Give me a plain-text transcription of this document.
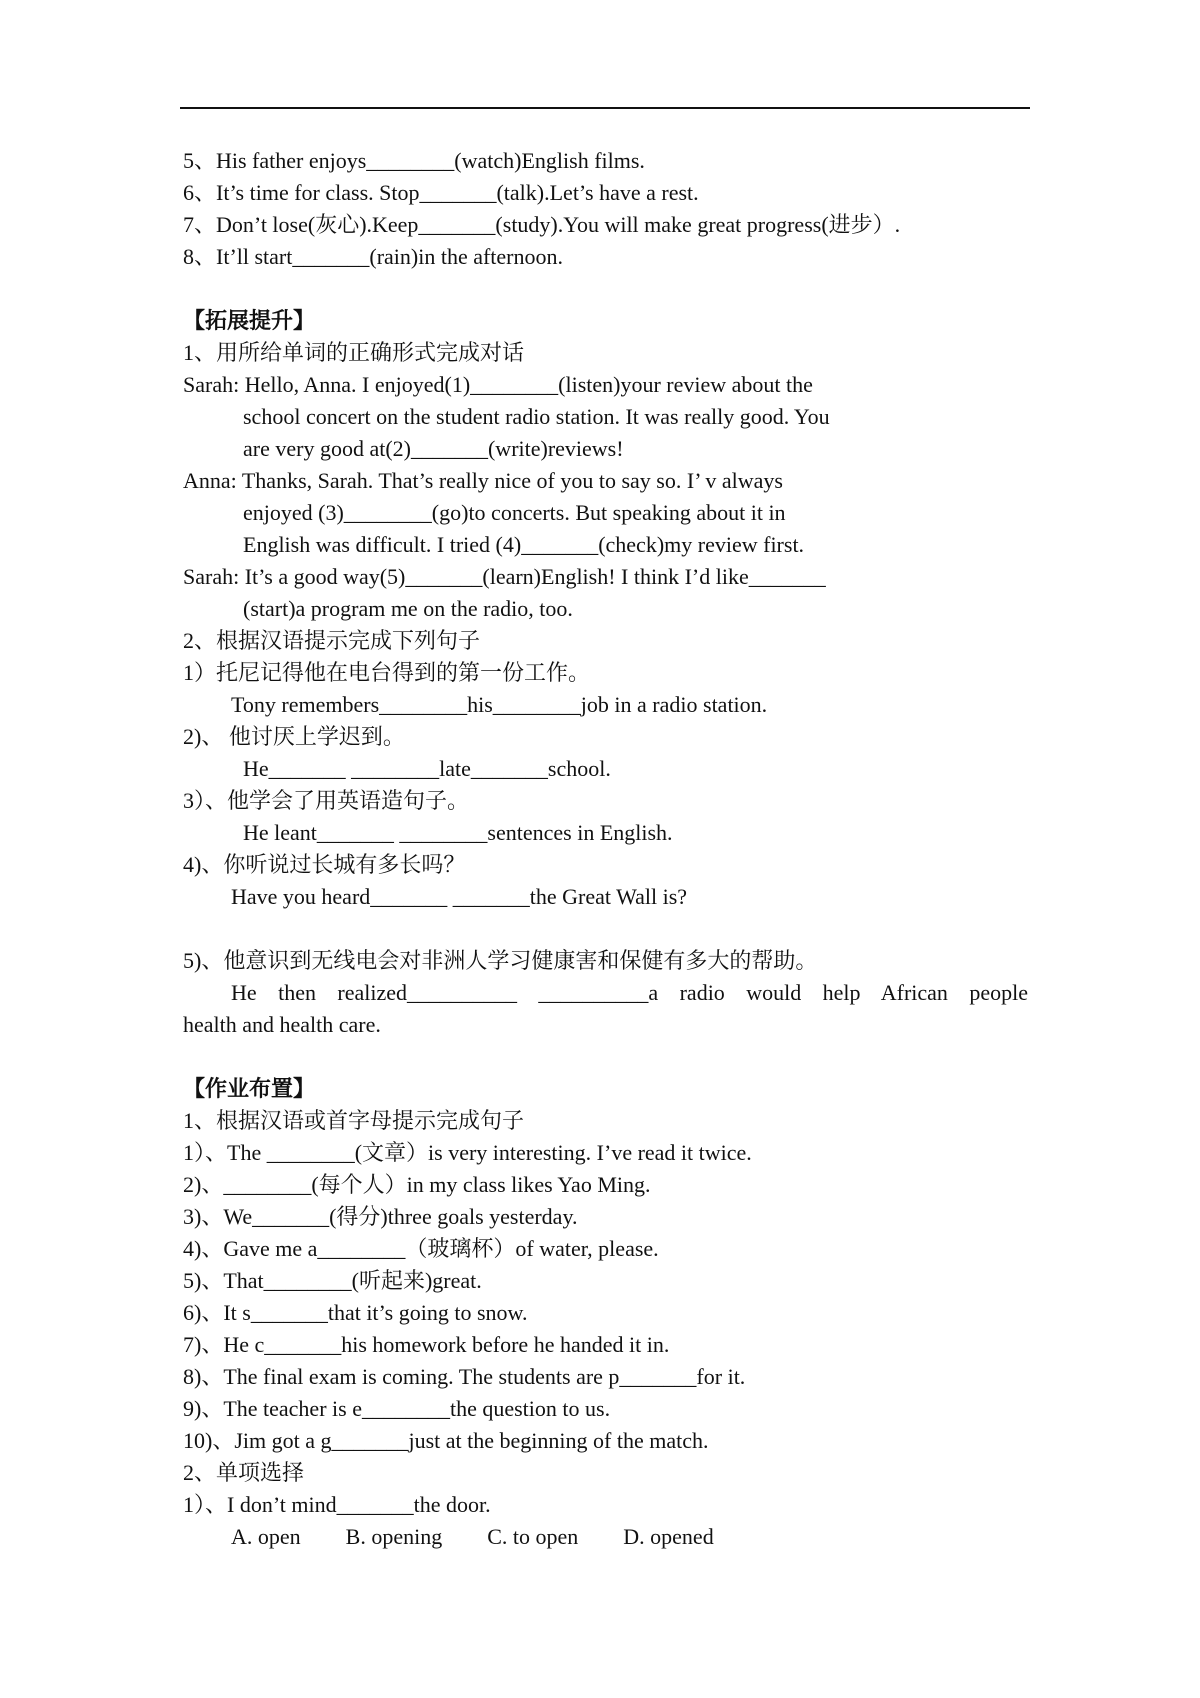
5、His father enjoys________(watch)English films.
6、It’s time for class. Stop_______(talk).Let’s have a rest.
7、Don’t lose(灰心).Keep_______(study).You will make great progress(进步）.
8、It’ll start_______(rain)in the afternoon.
【拓展提升】
1、用所给单词的正确形式完成对话
Sarah: Hello, Anna. I enjoyed(1)________(listen)your review about the
school concert on the student radio station. It was really good. You
are very good at(2)_______(write)reviews!
Anna: Thanks, Sarah. That’s really nice of you to say so. I’ v always
enjoyed (3)________(go)to concerts. But speaking about it in
English was difficult. I tried (4)_______(check)my review first.
Sarah: It’s a good way(5)_______(learn)English! I think I’d like_______
(start)a program me on the radio, too.
2、根据汉语提示完成下列句子
1）托尼记得他在电台得到的第一份工作。
Tony remembers________his________job in a radio station.
2)、 他讨厌上学迟到。
He_______ ________late_______school.
3）、他学会了用英语造句子。
He leant_______ ________sentences in English.
4)、你听说过长城有多长吗？
Have you heard_______ _______the Great Wall is?
5)、他意识到无线电会对非洲人学习健康害和保健有多大的帮助。
He then realized__________ __________a radio would help African people
health and health care.
【作业布置】
1、根据汉语或首字母提示完成句子
1）、The ________(文章）is very interesting. I’ve read it twice.
2)、________(每个人）in my class likes Yao Ming.
3)、We_______(得分)three goals yesterday.
4)、Gave me a________（玻璃杯）of water, please.
5)、That________(听起来)great.
6)、It s_______that it’s going to snow.
7)、He c_______his homework before he handed it in.
8)、The final exam is coming. The students are p_______for it.
9)、The teacher is e________the question to us.
10)、Jim got a g_______just at the beginning of the match.
2、单项选择
1）、I don’t mind_______the door.
A. open B. opening C. to open D. opened
